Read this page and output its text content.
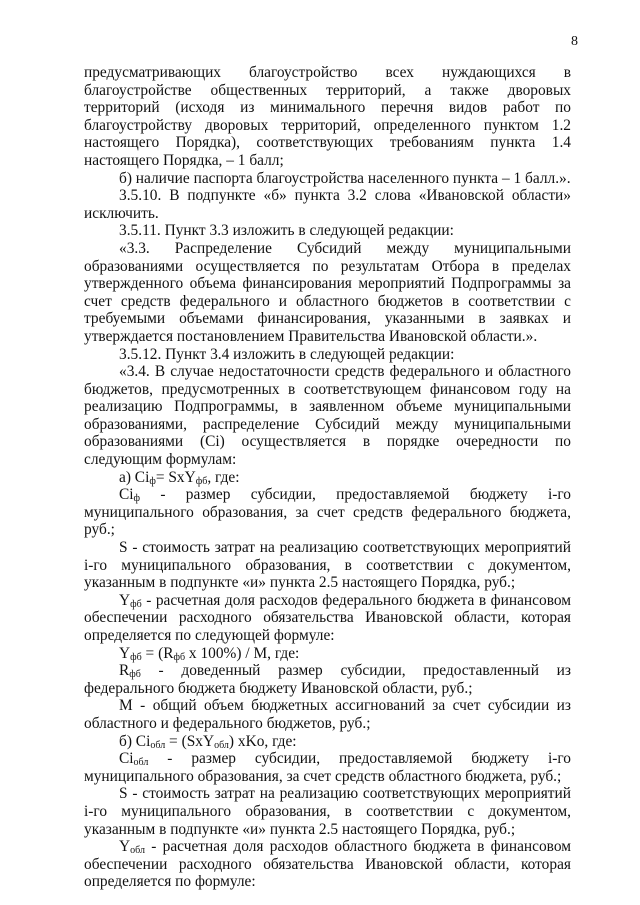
8

предусматривающих благоустройство всех нуждающихся в благоустройстве общественных территорий, а также дворовых территорий (исходя из минимального перечня видов работ по благоустройству дворовых территорий, определенного пунктом 1.2 настоящего Порядка), соответствующих требованиям пункта 1.4 настоящего Порядка, – 1 балл;

б) наличие паспорта благоустройства населенного пункта – 1 балл.».

3.5.10. В подпункте «б» пункта 3.2 слова «Ивановской области» исключить.

3.5.11. Пункт 3.3 изложить в следующей редакции:

«3.3. Распределение Субсидий между муниципальными образованиями осуществляется по результатам Отбора в пределах утвержденного объема финансирования мероприятий Подпрограммы за счет средств федерального и областного бюджетов в соответствии с требуемыми объемами финансирования, указанными в заявках и утверждается постановлением Правительства Ивановской области.».

3.5.12. Пункт 3.4 изложить в следующей редакции:

«3.4. В случае недостаточности средств федерального и областного бюджетов, предусмотренных в соответствующем финансовом году на реализацию Подпрограммы, в заявленном объеме муниципальными образованиями, распределение Субсидий между муниципальными образованиями (Ci) осуществляется в порядке очередности по следующим формулам:

а) $Ci_ф= SxY_{фб}$, где:

$Ci_ф$ - размер субсидии, предоставляемой бюджету i-го муниципального образования, за счет средств федерального бюджета, руб.;

S - стоимость затрат на реализацию соответствующих мероприятий i-го муниципального образования, в соответствии с документом, указанным в подпункте «и» пункта 2.5 настоящего Порядка, руб.;

$Y_{фб}$ - расчетная доля расходов федерального бюджета в финансовом обеспечении расходного обязательства Ивановской области, которая определяется по следующей формуле:

$Y_{фб} = (R_{фб}$ x 100%) / М, где:

$R_{фб}$ - доведенный размер субсидии, предоставленный из федерального бюджета бюджету Ивановской области, руб.;

М - общий объем бюджетных ассигнований за счет субсидии из областного и федерального бюджетов, руб.;

б) $Ci_{обл} = (SxY_{обл})$ xKo, где:

$Ci_{обл}$ - размер субсидии, предоставляемой бюджету i-го муниципального образования, за счет средств областного бюджета, руб.;

S - стоимость затрат на реализацию соответствующих мероприятий i-го муниципального образования, в соответствии с документом, указанным в подпункте «и» пункта 2.5 настоящего Порядка, руб.;

$Y_{обл}$ - расчетная доля расходов областного бюджета в финансовом обеспечении расходного обязательства Ивановской области, которая определяется по формуле:
